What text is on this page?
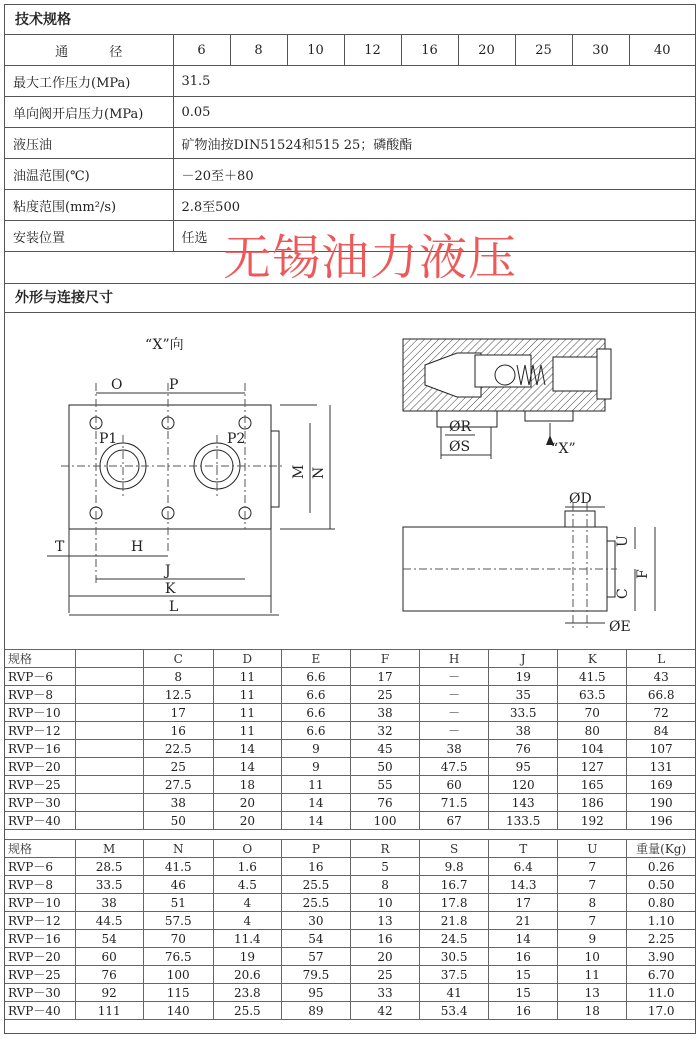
技术规格
通          径	6	8	10	12	16	20	25	30	40
最大工作压力(MPa)	31.5								
单向阀开启压力(MPa)	0.05								
液压油	矿物油按DIN51524和515 25；磷酸酯								
油温范围(℃)	－20至＋80								
粘度范围(mm²/s)	2.8至500								
安装位置	任选								无锡油力液压
外形与连接尺寸
“X”向
O	P
P1	P2
M N
T	H
J
K
L
ØR
ØS	“X”
ØD
U
F
C
ØE
规格		C	D	E	F	H	J	K	L
RVP－6		8	11	6.6	17	－	19	41.5	43
RVP－8		12.5	11	6.6	25	－	35	63.5	66.8
RVP－10		17	11	6.6	38	－	33.5	70	72
RVP－12		16	11	6.6	32	－	38	80	84
RVP－16		22.5	14	9	45	38	76	104	107
RVP－20		25	14	9	50	47.5	95	127	131
RVP－25		27.5	18	11	55	60	120	165	169
RVP－30		38	20	14	76	71.5	143	186	190
RVP－40		50	20	14	100	67	133.5	192	196
规格	M	N	O	P	R	S	T	U	重量(Kg)
RVP－6	28.5	41.5	1.6	16	5	9.8	6.4	7	0.26
RVP－8	33.5	46	4.5	25.5	8	16.7	14.3	7	0.50
RVP－10	38	51	4	25.5	10	17.8	17	8	0.80
RVP－12	44.5	57.5	4	30	13	21.8	21	7	1.10
RVP－16	54	70	11.4	54	16	24.5	14	9	2.25
RVP－20	60	76.5	19	57	20	30.5	16	10	3.90
RVP－25	76	100	20.6	79.5	25	37.5	15	11	6.70
RVP－30	92	115	23.8	95	33	41	15	13	11.0
RVP－40	111	140	25.5	89	42	53.4	16	18	17.0
